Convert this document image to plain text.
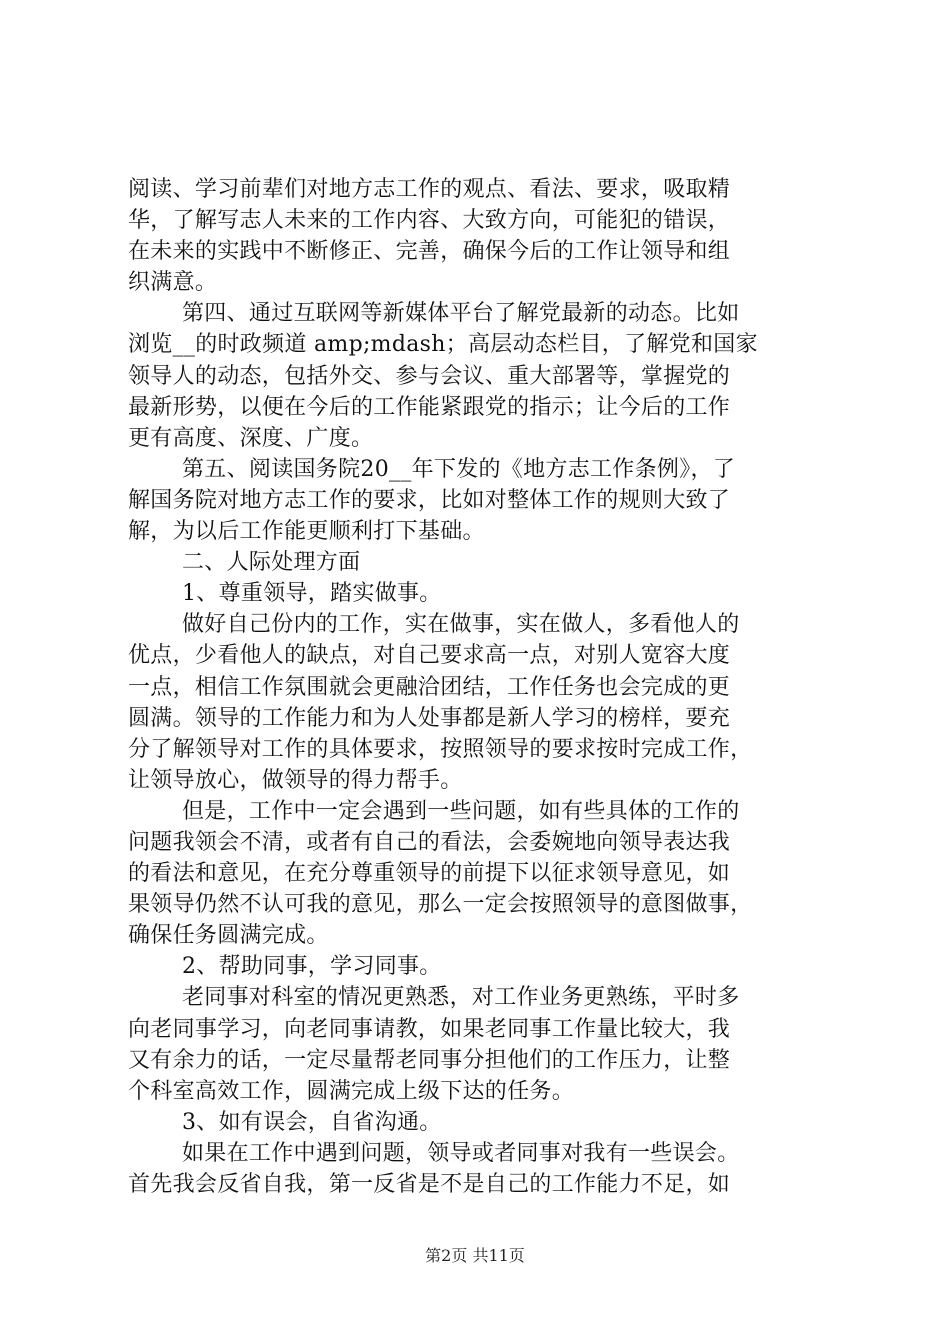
阅读、学习前辈们对地方志工作的观点、看法、要求，吸取精
华，了解写志人未来的工作内容、大致方向，可能犯的错误，
在未来的实践中不断修正、完善，确保今后的工作让领导和组
织满意。
第四、通过互联网等新媒体平台了解党最新的动态。比如
浏览__的时政频道 amp;mdash；高层动态栏目，了解党和国家
领导人的动态，包括外交、参与会议、重大部署等，掌握党的
最新形势，以便在今后的工作能紧跟党的指示；让今后的工作
更有高度、深度、广度。
第五、阅读国务院20__年下发的《地方志工作条例》，了
解国务院对地方志工作的要求，比如对整体工作的规则大致了
解，为以后工作能更顺利打下基础。
二、人际处理方面
1、尊重领导，踏实做事。
做好自己份内的工作，实在做事，实在做人，多看他人的
优点，少看他人的缺点，对自己要求高一点，对别人宽容大度
一点，相信工作氛围就会更融洽团结，工作任务也会完成的更
圆满。领导的工作能力和为人处事都是新人学习的榜样，要充
分了解领导对工作的具体要求，按照领导的要求按时完成工作，
让领导放心，做领导的得力帮手。
但是，工作中一定会遇到一些问题，如有些具体的工作的
问题我领会不清，或者有自己的看法，会委婉地向领导表达我
的看法和意见，在充分尊重领导的前提下以征求领导意见，如
果领导仍然不认可我的意见，那么一定会按照领导的意图做事，
确保任务圆满完成。
2、帮助同事，学习同事。
老同事对科室的情况更熟悉，对工作业务更熟练，平时多
向老同事学习，向老同事请教，如果老同事工作量比较大，我
又有余力的话，一定尽量帮老同事分担他们的工作压力，让整
个科室高效工作，圆满完成上级下达的任务。
3、如有误会，自省沟通。
如果在工作中遇到问题，领导或者同事对我有一些误会。
首先我会反省自我，第一反省是不是自己的工作能力不足，如
第2页 共11页
